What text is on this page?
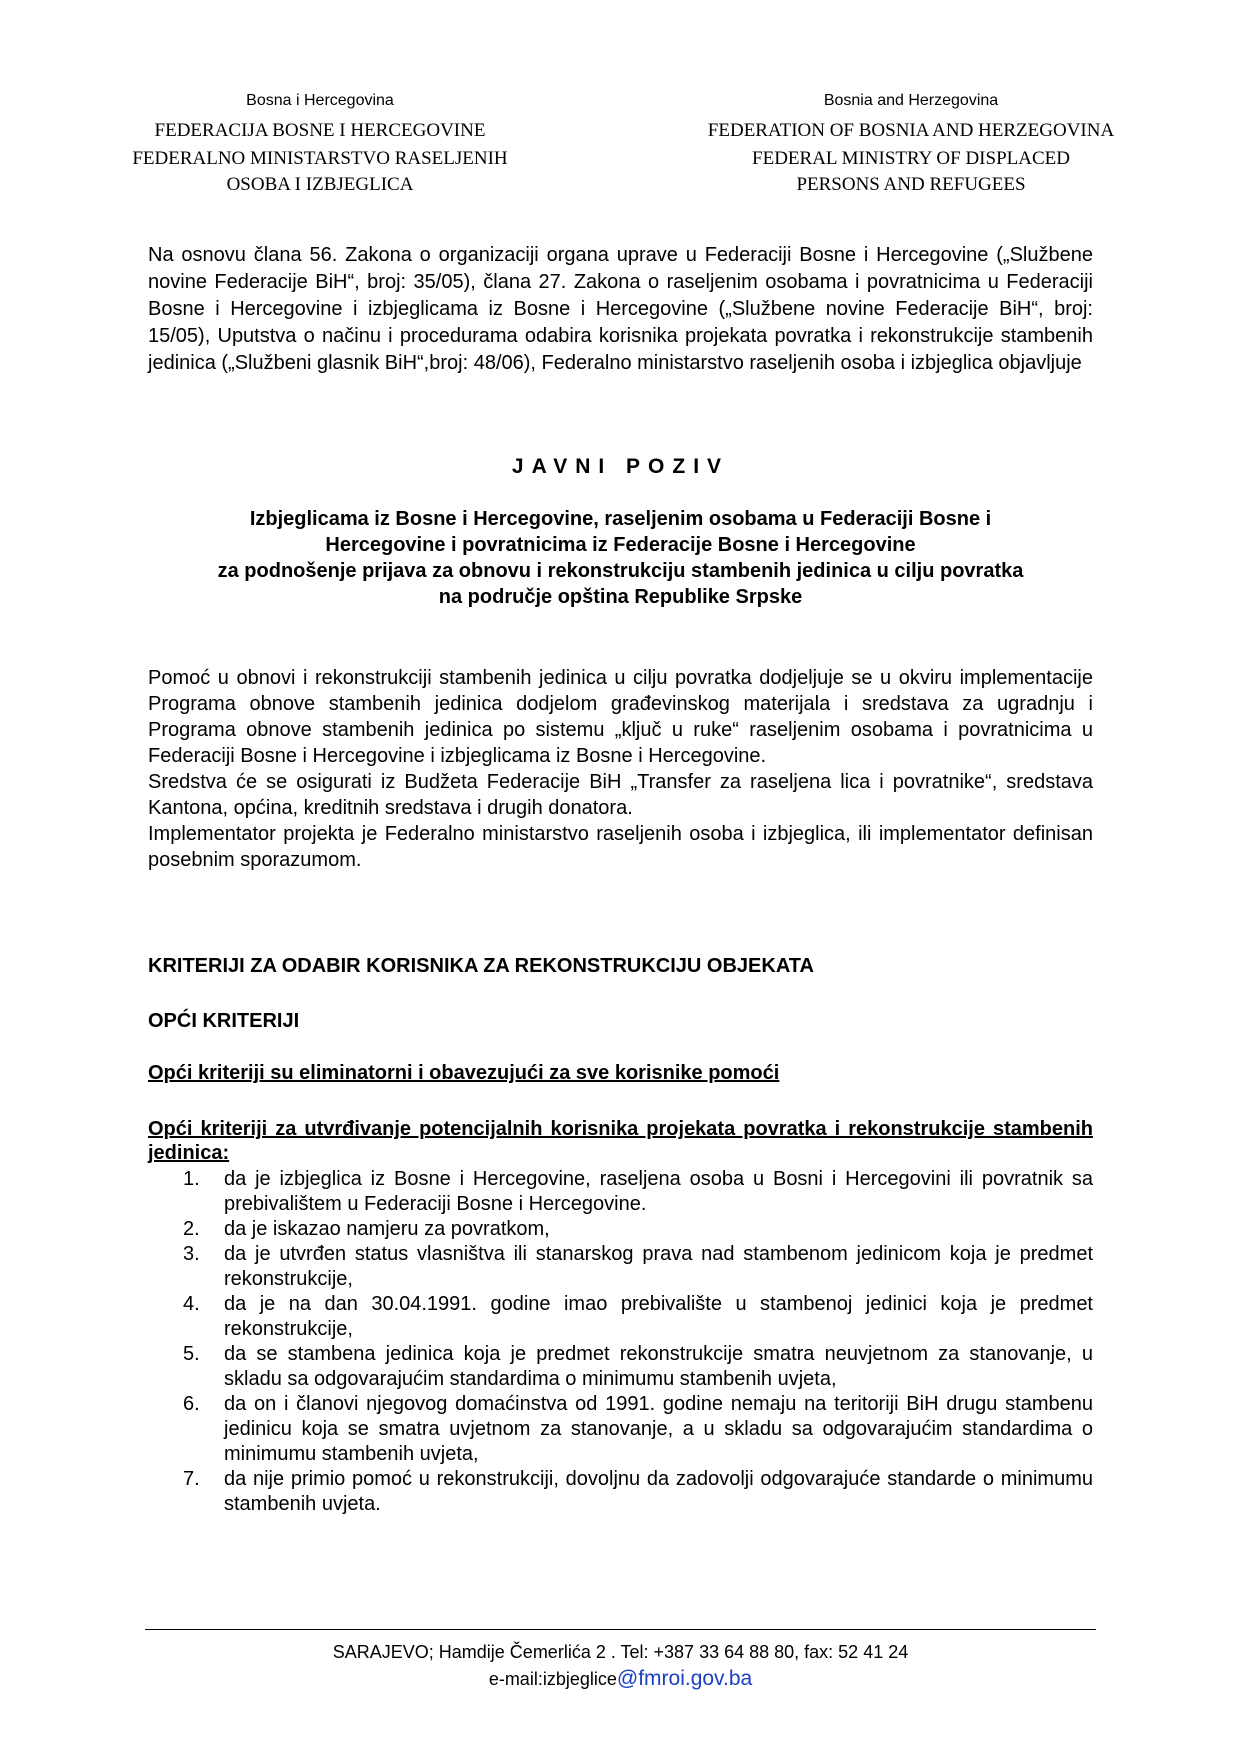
Bosna i Hercegovina
FEDERACIJA BOSNE I HERCEGOVINE
FEDERALNO MINISTARSTVO RASELJENIH
OSOBA I IZBJEGLICA
Bosnia and Herzegovina
FEDERATION OF BOSNIA AND HERZEGOVINA
FEDERAL MINISTRY OF DISPLACED
PERSONS AND REFUGEES
Na osnovu člana 56. Zakona o organizaciji organa uprave u Federaciji Bosne i Hercegovine („Službene novine Federacije BiH“, broj: 35/05), člana 27. Zakona o raseljenim osobama i povratnicima u Federaciji Bosne i Hercegovine i izbjeglicama iz Bosne i Hercegovine („Službene novine Federacije BiH“, broj: 15/05), Uputstva o načinu i procedurama odabira korisnika projekata povratka i rekonstrukcije stambenih jedinica („Službeni glasnik BiH“,broj: 48/06), Federalno ministarstvo raseljenih osoba i izbjeglica objavljuje
JAVNI POZIV
Izbjeglicama iz Bosne i Hercegovine, raseljenim osobama u Federaciji Bosne i
Hercegovine i povratnicima iz Federacije Bosne i Hercegovine
za podnošenje prijava za obnovu i rekonstrukciju stambenih jedinica u cilju povratka
na područje opština Republike Srpske

Pomoć u obnovi i rekonstrukciji stambenih jedinica u cilju povratka dodjeljuje se u okviru implementacije Programa obnove stambenih jedinica dodjelom građevinskog materijala i sredstava za ugradnju i Programa obnove stambenih jedinica po sistemu „ključ u ruke“ raseljenim osobama i povratnicima u Federaciji Bosne i Hercegovine i izbjeglicama iz Bosne i Hercegovine.

Sredstva će se osigurati iz Budžeta Federacije BiH „Transfer za raseljena lica i povratnike“, sredstava Kantona, općina, kreditnih sredstava i drugih donatora.

Implementator projekta je Federalno ministarstvo raseljenih osoba i izbjeglica, ili implementator definisan posebnim sporazumom.

KRITERIJI ZA ODABIR KORISNIKA ZA REKONSTRUKCIJU OBJEKATA
OPĆI KRITERIJI
Opći kriteriji su eliminatorni i obavezujući za sve korisnike pomoći
Opći kriteriji za utvrđivanje potencijalnih korisnika projekata povratka i rekonstrukcije stambenih jedinica:
1. da je izbjeglica iz Bosne i Hercegovine, raseljena osoba u Bosni i Hercegovini ili povratnik sa prebivalištem u Federaciji Bosne i Hercegovine.
2. da je iskazao namjeru za povratkom,
3. da je utvrđen status vlasništva ili stanarskog prava nad stambenom jedinicom koja je predmet rekonstrukcije,
4. da je na dan 30.04.1991. godine imao prebivalište u stambenoj jedinici koja je predmet rekonstrukcije,
5. da se stambena jedinica koja je predmet rekonstrukcije smatra neuvjetnom za stanovanje, u skladu sa odgovarajućim standardima o minimumu stambenih uvjeta,
6. da on i članovi njegovog domaćinstva od 1991. godine nemaju na teritoriji BiH drugu stambenu jedinicu koja se smatra uvjetnom za stanovanje, a u skladu sa odgovarajućim standardima o minimumu stambenih uvjeta,
7. da nije primio pomoć u rekonstrukciji, dovoljnu da zadovolji odgovarajuće standarde o minimumu stambenih uvjeta.
SARAJEVO; Hamdije Čemerlića 2 . Tel: +387 33 64 88 80, fax: 52 41 24
e-mail:izbjeglice@fmroi.gov.ba
